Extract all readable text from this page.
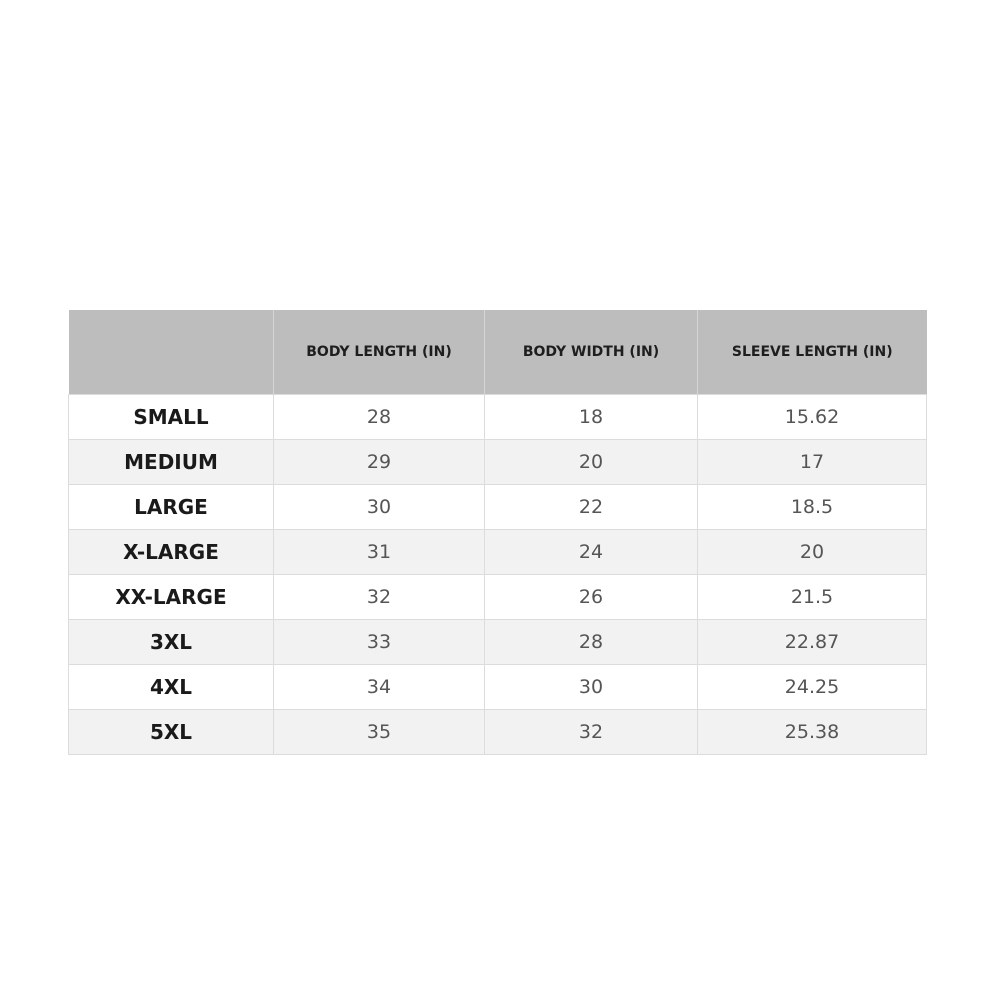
	BODY LENGTH (IN)	BODY WIDTH (IN)	SLEEVE LENGTH (IN)
SMALL	28	18	15.62
MEDIUM	29	20	17
LARGE	30	22	18.5
X-LARGE	31	24	20
XX-LARGE	32	26	21.5
3XL	33	28	22.87
4XL	34	30	24.25
5XL	35	32	25.38
